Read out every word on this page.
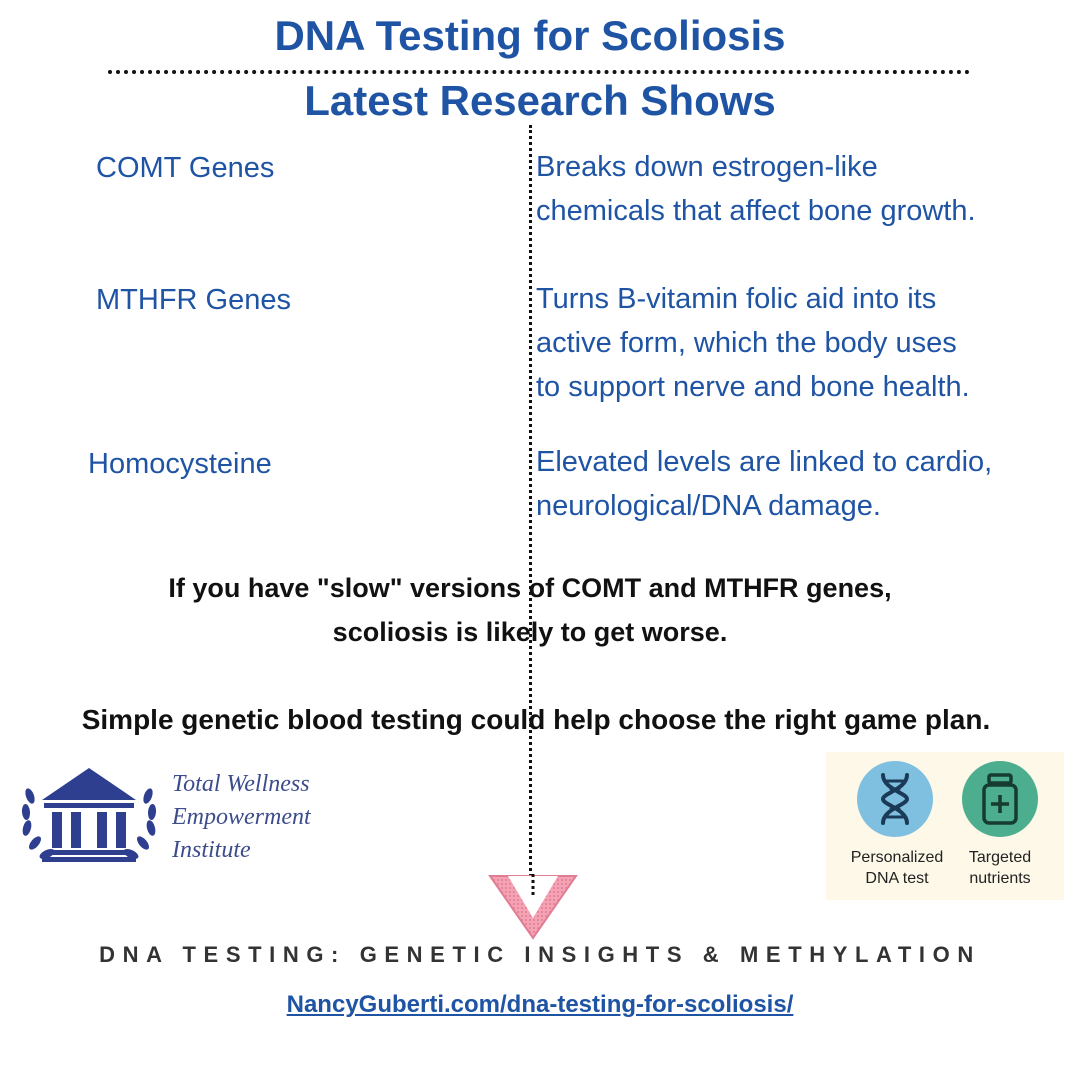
DNA Testing for Scoliosis
Latest Research Shows
COMT Genes	Breaks down estrogen-like
chemicals that affect bone growth.
MTHFR Genes	Turns B-vitamin folic aid into its
active form, which the body uses
to support nerve and bone health.
Homocysteine	Elevated levels are linked to cardio,
neurological/DNA damage.
If you have "slow" versions of COMT and MTHFR genes,
scoliosis is likely to get worse.
Simple genetic blood testing could help choose the right game plan.
Total Wellness
Empowerment
Institute	Personalized
DNA test
Targeted
nutrients
DNA TESTING: GENETIC INSIGHTS & METHYLATION
NancyGuberti.com/dna-testing-for-scoliosis/
